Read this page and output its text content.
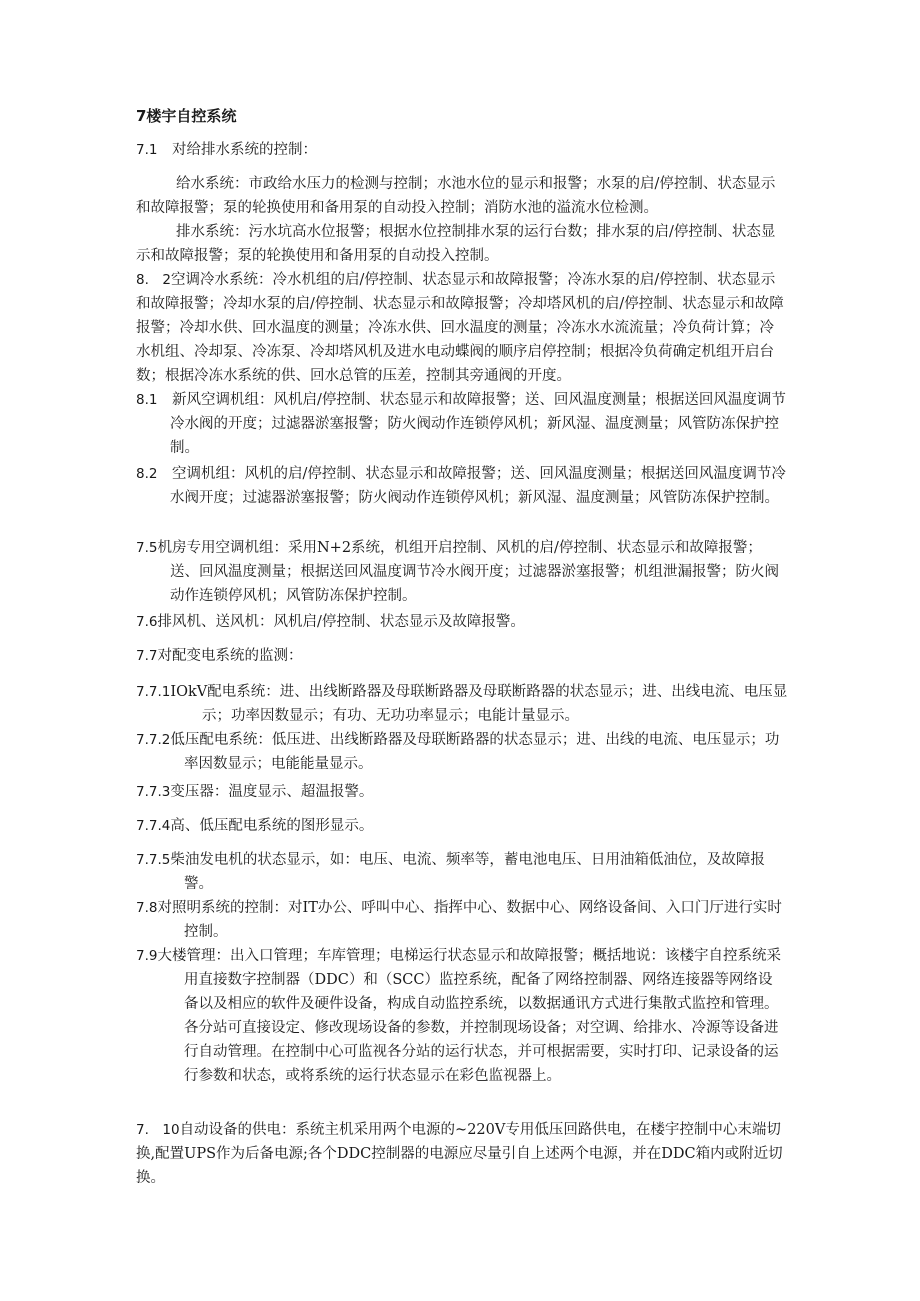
7楼宇自控系统
7.1　 对给排水系统的控制：

给水系统：市政给水压力的检测与控制；水池水位的显示和报警；水泵的启/停控制、状态显示和故障报警；泵的轮换使用和备用泵的自动投入控制；消防水池的溢流水位检测。

排水系统：污水坑高水位报警；根据水位控制排水泵的运行台数；排水泵的启/停控制、状态显示和故障报警；泵的轮换使用和备用泵的自动投入控制。

8.　2空调冷水系统：冷水机组的启/停控制、状态显示和故障报警；冷冻水泵的启/停控制、状态显示和故障报警；冷却水泵的启/停控制、状态显示和故障报警；冷却塔风机的启/停控制、状态显示和故障报警；冷却水供、回水温度的测量；冷冻水供、回水温度的测量；冷冻水水流流量；冷负荷计算；冷水机组、冷却泵、冷冻泵、冷却塔风机及进水电动蝶阀的顺序启停控制；根据冷负荷确定机组开启台数；根据冷冻水系统的供、回水总管的压差，控制其旁通阀的开度。
8.1　 新风空调机组：风机启/停控制、状态显示和故障报警；送、回风温度测量；根据送回风温度调节冷水阀的开度；过滤器淤塞报警；防火阀动作连锁停风机；新风湿、温度测量；风管防冻保护控制。
8.2　 空调机组：风机的启/停控制、状态显示和故障报警；送、回风温度测量；根据送回风温度调节冷水阀开度；过滤器淤塞报警；防火阀动作连锁停风机；新风湿、温度测量；风管防冻保护控制。
7.5机房专用空调机组：采用N+2系统，机组开启控制、风机的启/停控制、状态显示和故障报警；送、回风温度测量；根据送回风温度调节冷水阀开度；过滤器淤塞报警；机组泄漏报警；防火阀动作连锁停风机；风管防冻保护控制。
7.6排风机、送风机：风机启/停控制、状态显示及故障报警。
7.7对配变电系统的监测：
7.7.1IOkV配电系统：进、出线断路器及母联断路器及母联断路器的状态显示；进、出线电流、电压显示；功率因数显示；有功、无功功率显示；电能计量显示。
7.7.2低压配电系统：低压进、出线断路器及母联断路器的状态显示；进、出线的电流、电压显示；功率因数显示；电能能量显示。
7.7.3变压器：温度显示、超温报警。
7.7.4高、低压配电系统的图形显示。
7.7.5柴油发电机的状态显示，如：电压、电流、频率等，蓄电池电压、日用油箱低油位，及故障报警。
7.8对照明系统的控制：对IT办公、呼叫中心、指挥中心、数据中心、网络设备间、入口门厅进行实时控制。
7.9大楼管理：出入口管理；车库管理；电梯运行状态显示和故障报警；概括地说：该楼宇自控系统采用直接数字控制器（DDC）和（SCC）监控系统，配备了网络控制器、网络连接器等网络设备以及相应的软件及硬件设备，构成自动监控系统，以数据通讯方式进行集散式监控和管理。各分站可直接设定、修改现场设备的参数，并控制现场设备；对空调、给排水、冷源等设备进行自动管理。在控制中心可监视各分站的运行状态，并可根据需要，实时打印、记录设备的运行参数和状态，或将系统的运行状态显示在彩色监视器上。
7.　10自动设备的供电：系统主机采用两个电源的~220V专用低压回路供电，在楼宇控制中心末端切换,配置UPS作为后备电源;各个DDC控制器的电源应尽量引自上述两个电源，并在DDC箱内或附近切换。
